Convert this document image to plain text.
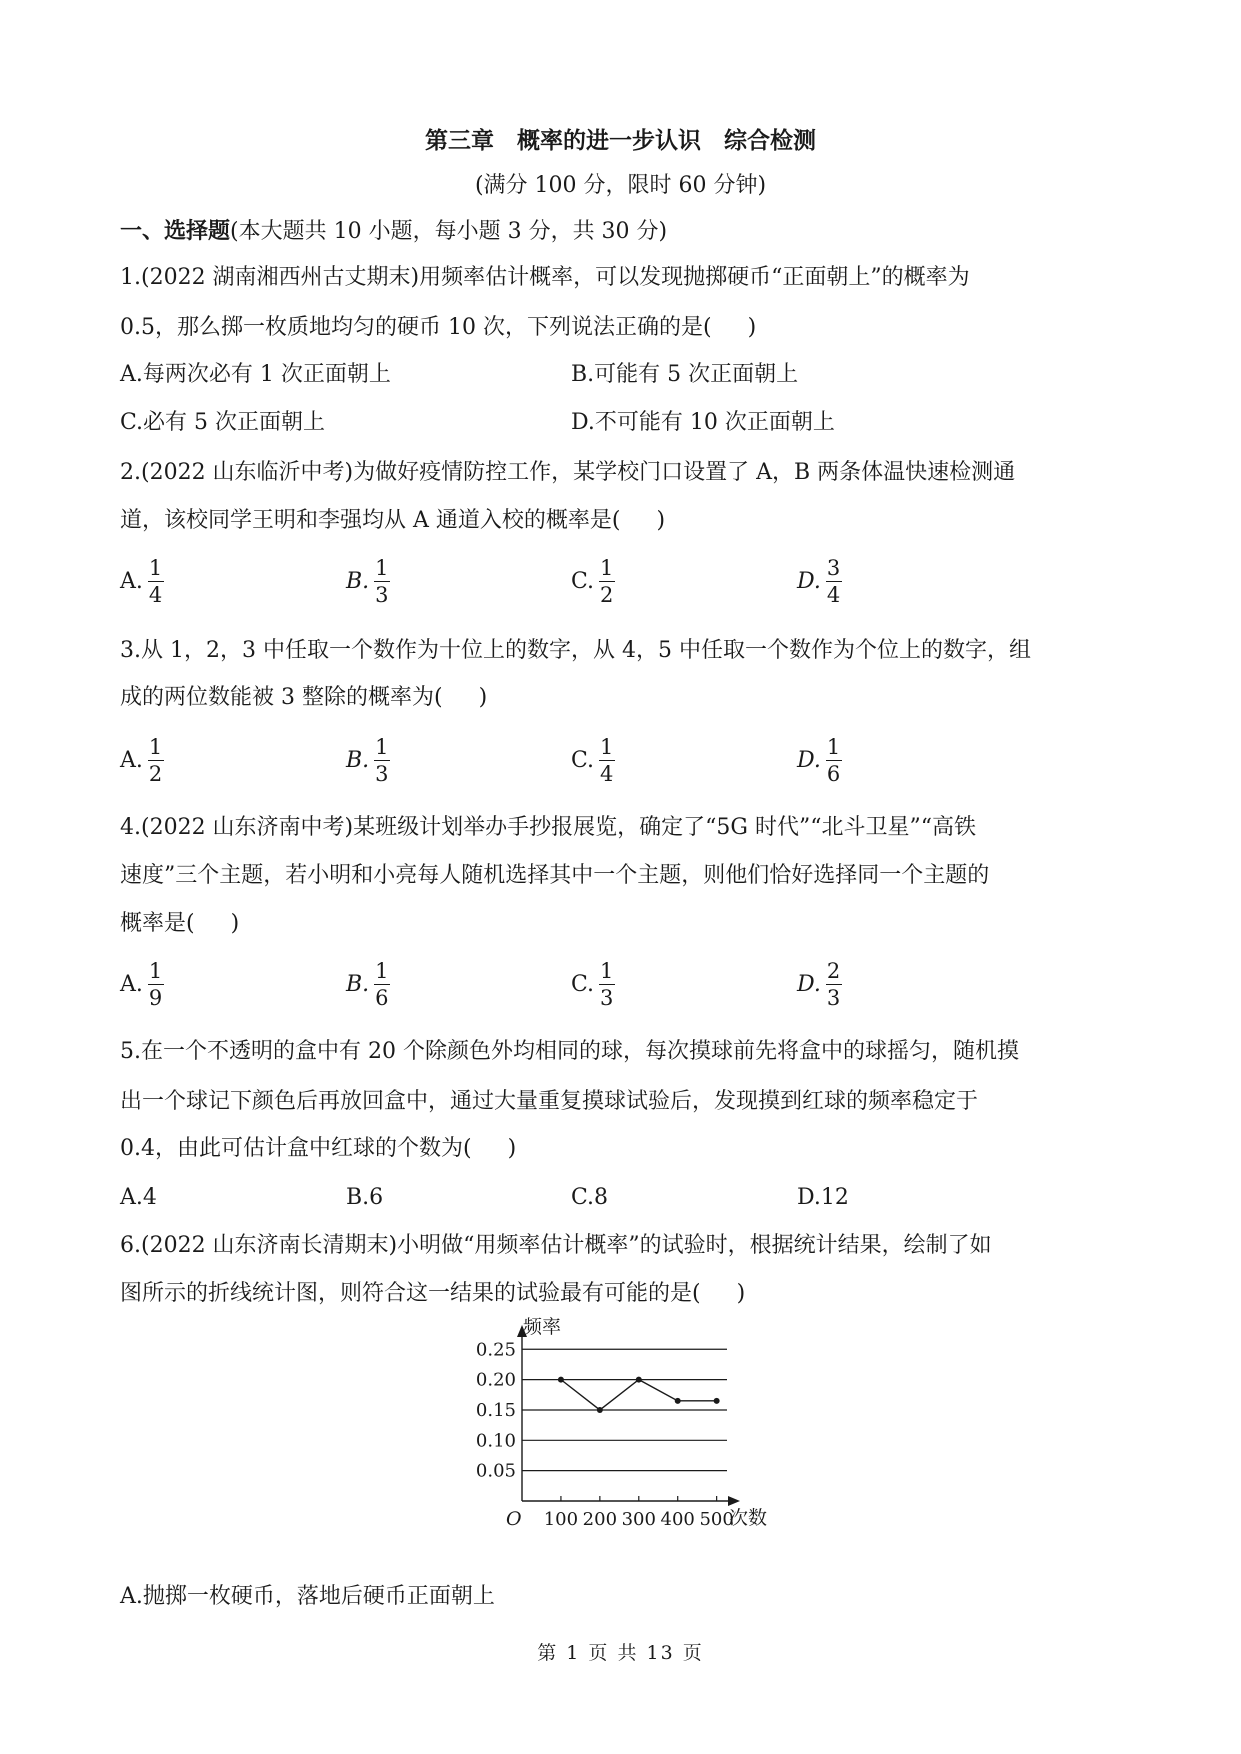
第三章　概率的进一步认识　综合检测
(满分 100 分，限时 60 分钟)
一、选择题(本大题共 10 小题，每小题 3 分，共 30 分)
1.(2022 湖南湘西州古丈期末)用频率估计概率，可以发现抛掷硬币“正面朝上”的概率为
0.5，那么掷一枚质地均匀的硬币 10 次，下列说法正确的是( )
A.每两次必有 1 次正面朝上	B.可能有 5 次正面朝上
C.必有 5 次正面朝上	D.不可能有 10 次正面朝上
2.(2022 山东临沂中考)为做好疫情防控工作，某学校门口设置了 A，B 两条体温快速检测通
道，该校同学王明和李强均从 A 通道入校的概率是( )
A. $\frac{1}{4}$	B. $\frac{1}{3}$	C. $\frac{1}{2}$	D. $\frac{3}{4}$
3.从 1，2，3 中任取一个数作为十位上的数字，从 4，5 中任取一个数作为个位上的数字，组
成的两位数能被 3 整除的概率为( )
A. $\frac{1}{2}$	B. $\frac{1}{3}$	C. $\frac{1}{4}$	D. $\frac{1}{6}$
4.(2022 山东济南中考)某班级计划举办手抄报展览，确定了“5G 时代”“北斗卫星”“高铁
速度”三个主题，若小明和小亮每人随机选择其中一个主题，则他们恰好选择同一个主题的
概率是( )
A. $\frac{1}{9}$	B. $\frac{1}{6}$	C. $\frac{1}{3}$	D. $\frac{2}{3}$
5.在一个不透明的盒中有 20 个除颜色外均相同的球，每次摸球前先将盒中的球摇匀，随机摸
出一个球记下颜色后再放回盒中，通过大量重复摸球试验后，发现摸到红球的频率稳定于
0.4，由此可估计盒中红球的个数为( )
A.4	B.6	C.8	D.12
6.(2022 山东济南长清期末)小明做“用频率估计概率”的试验时，根据统计结果，绘制了如
图所示的折线统计图，则符合这一结果的试验最有可能的是( )
0.05
0.10
0.15
0.20
0.25
100 200 300 400 500
频率
次数
O
A.抛掷一枚硬币，落地后硬币正面朝上
第 1 页 共 13 页
